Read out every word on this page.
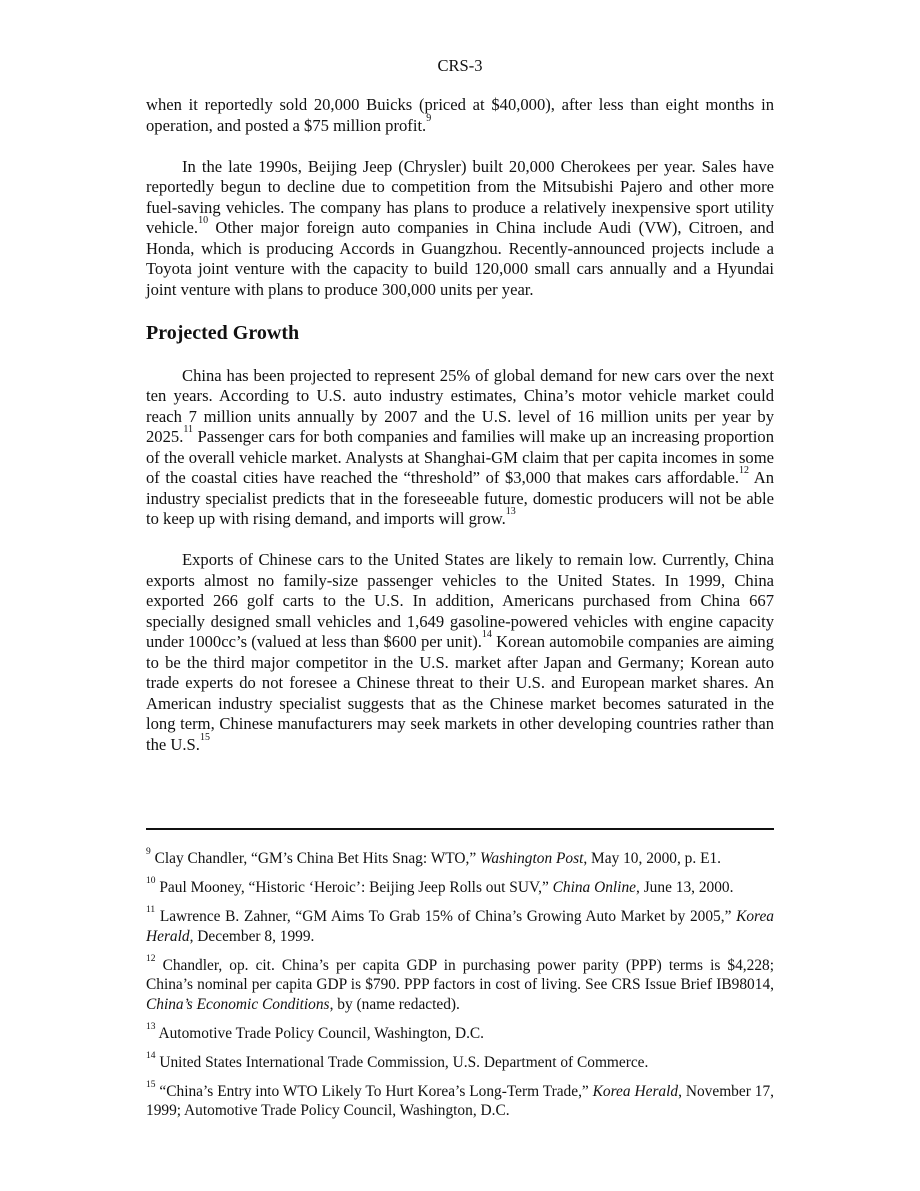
CRS-3

when it reportedly sold 20,000 Buicks (priced at $40,000), after less than eight months in operation, and posted a $75 million profit.$^9$

In the late 1990s, Beijing Jeep (Chrysler) built 20,000 Cherokees per year. Sales have reportedly begun to decline due to competition from the Mitsubishi Pajero and other more fuel-saving vehicles. The company has plans to produce a relatively inexpensive sport utility vehicle.$^{10}$ Other major foreign auto companies in China include Audi (VW), Citroen, and Honda, which is producing Accords in Guangzhou. Recently-announced projects include a Toyota joint venture with the capacity to build 120,000 small cars annually and a Hyundai joint venture with plans to produce 300,000 units per year.

Projected Growth

China has been projected to represent 25% of global demand for new cars over the next ten years. According to U.S. auto industry estimates, China’s motor vehicle market could reach 7 million units annually by 2007 and the U.S. level of 16 million units per year by 2025.11 Passenger cars for both companies and families will make up an increasing proportion of the overall vehicle market. Analysts at Shanghai-GM claim that per capita incomes in some of the coastal cities have reached the “threshold” of $3,000 that makes cars affordable.$^{12}$ An industry specialist predicts that in the foreseeable future, domestic producers will not be able to keep up with rising demand, and imports will grow.$^{13}$

Exports of Chinese cars to the United States are likely to remain low. Currently, China exports almost no family-size passenger vehicles to the United States. In 1999, China exported 266 golf carts to the U.S. In addition, Americans purchased from China 667 specially designed small vehicles and 1,649 gasoline-powered vehicles with engine capacity under 1000cc’s (valued at less than $600 per unit).$^{14}$ Korean automobile companies are aiming to be the third major competitor in the U.S. market after Japan and Germany; Korean auto trade experts do not foresee a Chinese threat to their U.S. and European market shares. An American industry specialist suggests that as the Chinese market becomes saturated in the long term, Chinese manufacturers may seek markets in other developing countries rather than the U.S.$^{15}$

$^9$ Clay Chandler, “GM’s China Bet Hits Snag: WTO,” Washington Post, May 10, 2000, p. E1.

$^{10}$ Paul Mooney, “Historic ‘Heroic’: Beijing Jeep Rolls out SUV,” China Online, June 13, 2000.

$^{11}$ Lawrence B. Zahner, “GM Aims To Grab 15% of China’s Growing Auto Market by 2005,” Korea Herald, December 8, 1999.

$^{12}$ Chandler, op. cit. China’s per capita GDP in purchasing power parity (PPP) terms is $4,228; China’s nominal per capita GDP is $790. PPP factors in cost of living. See CRS Issue Brief IB98014, China’s Economic Conditions, by (name redacted).

$^{13}$ Automotive Trade Policy Council, Washington, D.C.

$^{14}$ United States International Trade Commission, U.S. Department of Commerce.

$^{15}$ “China’s Entry into WTO Likely To Hurt Korea’s Long-Term Trade,” Korea Herald, November 17, 1999; Automotive Trade Policy Council, Washington, D.C.
